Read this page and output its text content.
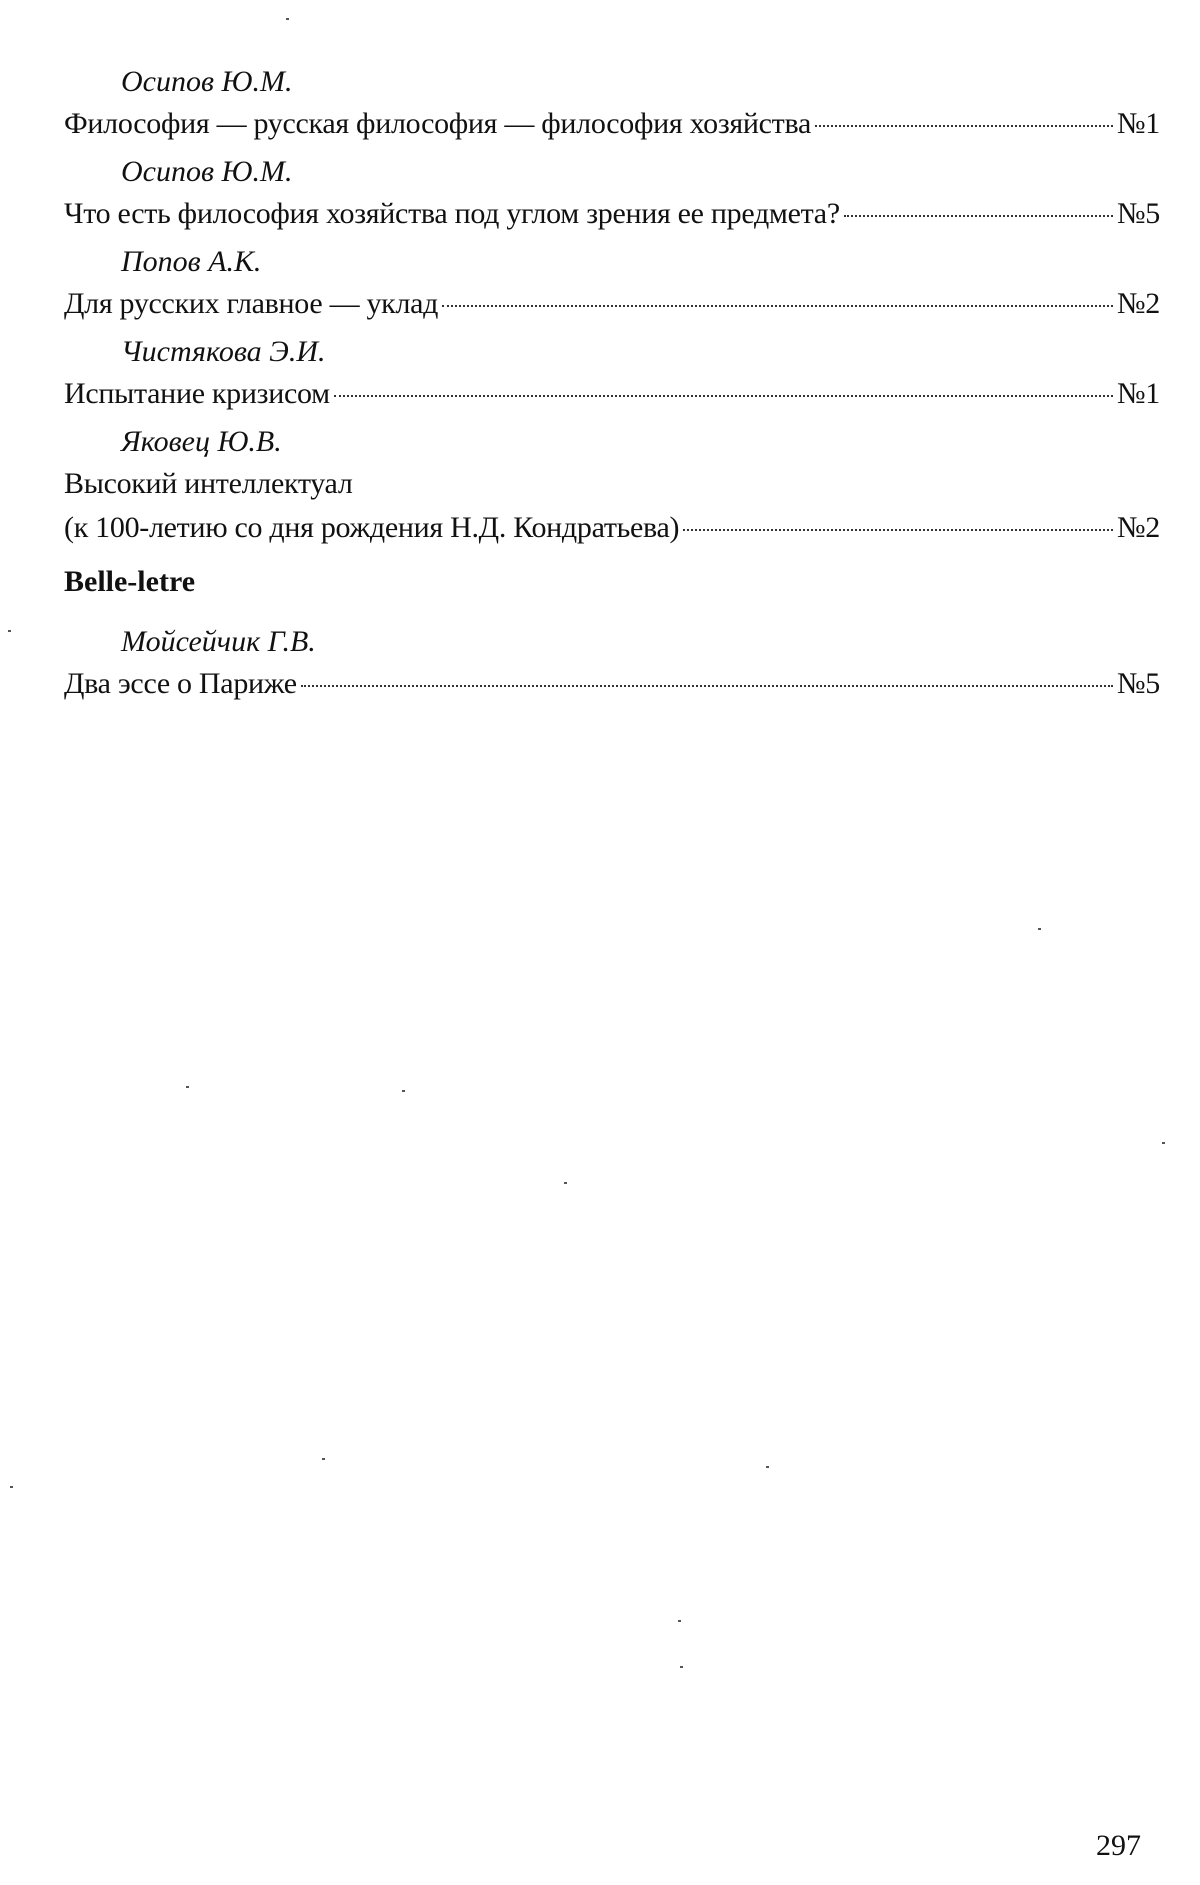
Осипов Ю.М.
Философия — русская философия — философия хозяйства	№1
Осипов Ю.М.
Что есть философия хозяйства под углом зрения ее предмета?	№5
Попов А.К.
Для русских главное — уклад	№2
Чистякова Э.И.
Испытание кризисом	№1
Яковец Ю.В.
Высокий интеллектуал
(к 100-летию со дня рождения Н.Д. Кондратьева)	№2
Belle-letre
Мойсейчик Г.В.
Два эссе о Париже	№5
297
